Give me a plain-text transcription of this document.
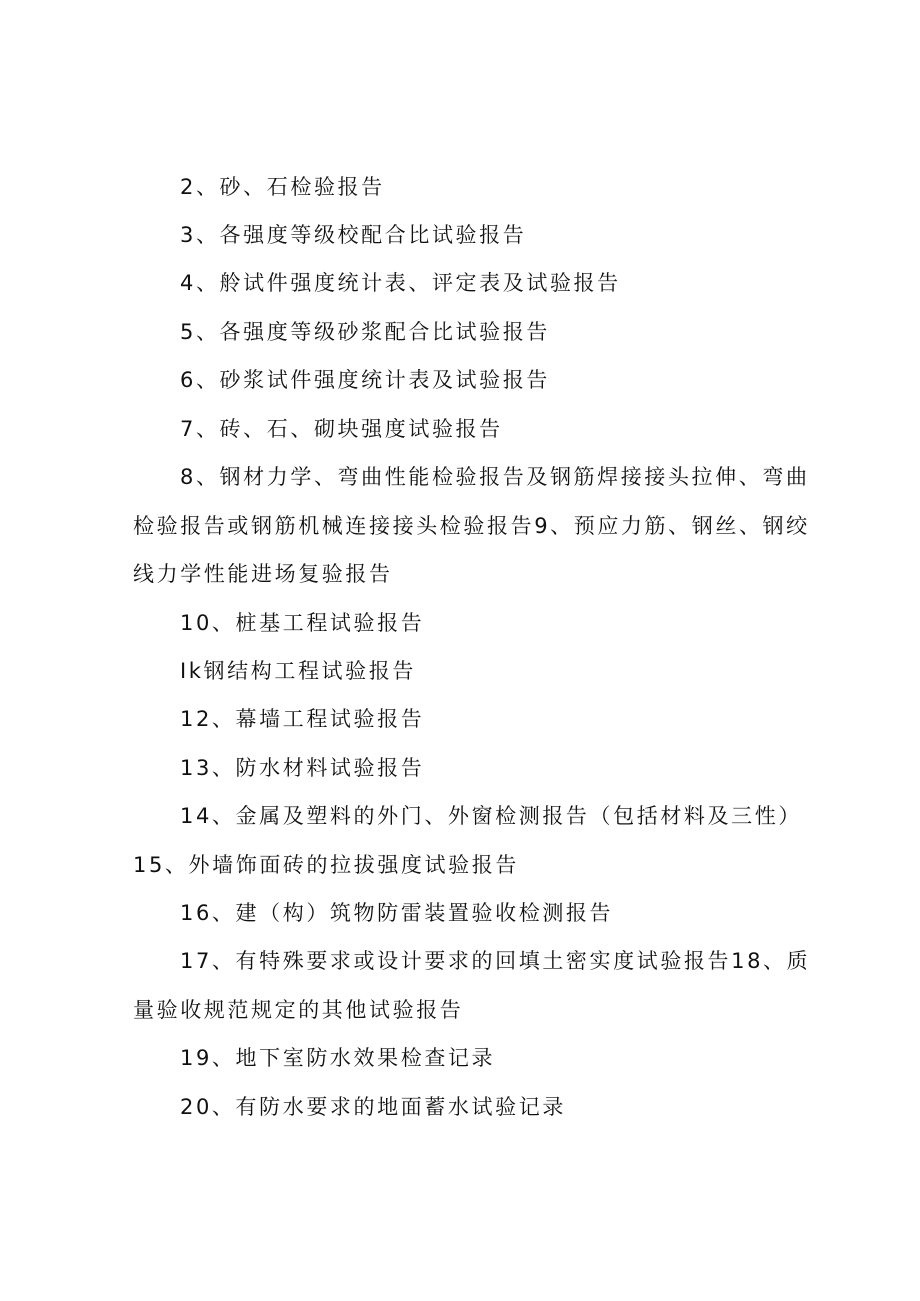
2、砂、石检验报告
3、各强度等级校配合比试验报告
4、舲试件强度统计表、评定表及试验报告
5、各强度等级砂浆配合比试验报告
6、砂浆试件强度统计表及试验报告
7、砖、石、砌块强度试验报告
8、钢材力学、弯曲性能检验报告及钢筋焊接接头拉伸、弯曲
检验报告或钢筋机械连接接头检验报告9、预应力筋、钢丝、钢绞
线力学性能进场复验报告
10、桩基工程试验报告
Ik钢结构工程试验报告
12、幕墙工程试验报告
13、防水材料试验报告
14、金属及塑料的外门、外窗检测报告（包括材料及三性）
15、外墙饰面砖的拉拔强度试验报告
16、建（构）筑物防雷装置验收检测报告
17、有特殊要求或设计要求的回填土密实度试验报告18、质
量验收规范规定的其他试验报告
19、地下室防水效果检查记录
20、有防水要求的地面蓄水试验记录
